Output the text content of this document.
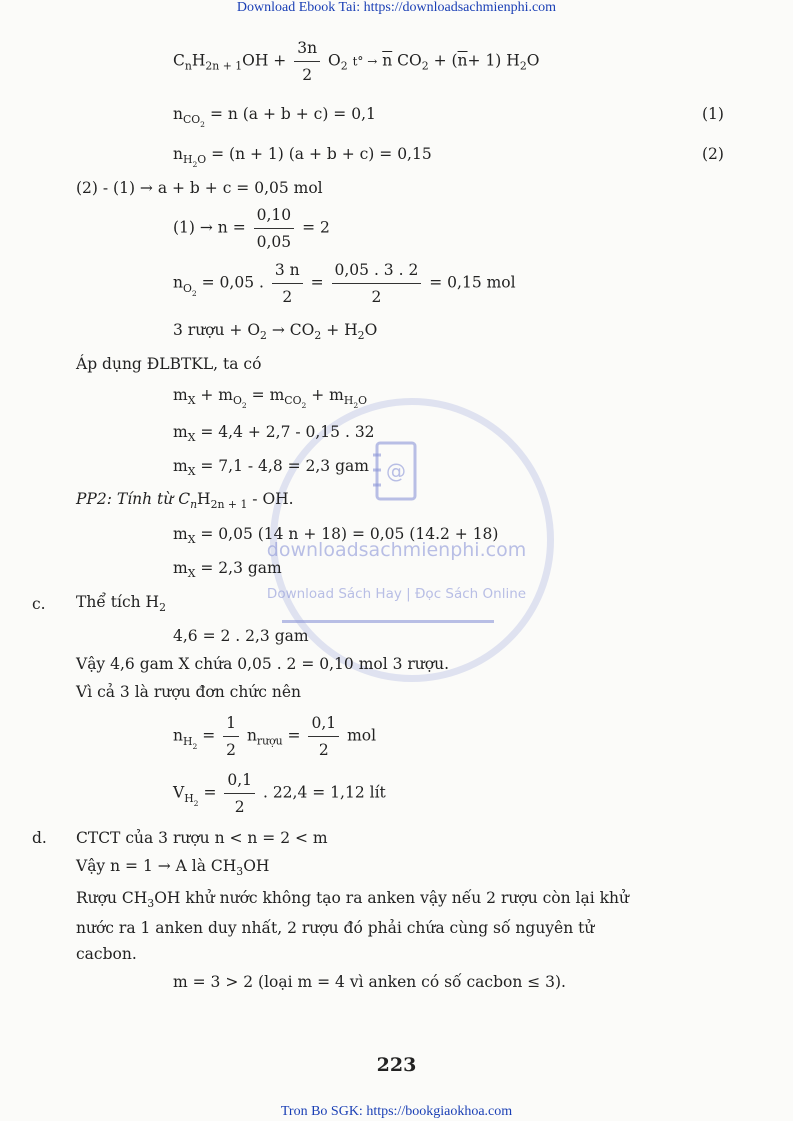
Download Ebook Tai: https://downloadsachmienphi.com
@
downloadsachmienphi.com
Download Sách Hay | Đọc Sách Online
$C_nH_{2n + 1}OH + \frac{3n}{2} O_2$ $t^\circ \to \overline{n}$ $CO_2 + (\overline{n}+ 1)$ $H_2O$
$n_{CO_2} = n$ (a + b + c) = 0,1	(1)
$n_{H_2O} = (n + 1) (a + b + c) = 0,15$	(2)
(2) - (1) → a + b + c = 0,05 mol
$(1) \to n = \frac{0,10}{0,05} = 2$
$n_{O_2} = 0,05$ . $\frac{3 n}{2} = \frac{0,05 . 3 . 2}{2} = 0,15$ mol
3 rượu + $O_2 \to CO_2 + H_2O$
Áp dụng ĐLBTKL, ta có
$m_X + m_{O_2} = m_{CO_2} + m_{H_2O}$
$m_X = 4,4 + 2,7 - 0,15$ . 32
$m_X = 7,1 - 4,8 = 2,3$ gam
PP2: Tính từ $C_nH_{2n + 1}$ - OH.
$m_X = 0,05$ (14 n + 18) = 0,05 (14.2 + 18)
$m_X = 2,3$ gam
c. Thể tích $H_2$
4,6 = 2 . 2,3 gam
Vậy 4,6 gam X chứa 0,05 . 2 = 0,10 mol 3 rượu.
Vì cả 3 là rượu đơn chức nên
$n_{H_2} = \frac{1}{2} n_{rượu} = \frac{0,1}{2}$ mol
$V_{H_2} = \frac{0,1}{2}$ . 22,4 = 1,12 lít
d. CTCT của 3 rượu n < n = 2 < m
Vậy n = 1 → A là $CH_3OH$
Rượu $CH_3OH$ khử nước không tạo ra anken vậy nếu 2 rượu còn lại khử
nước ra 1 anken duy nhất, 2 rượu đó phải chứa cùng số nguyên tử
cacbon.
m = 3 > 2 (loại m = 4 vì anken có số cacbon ≤ 3).
223
Tron Bo SGK: https://bookgiaokhoa.com
